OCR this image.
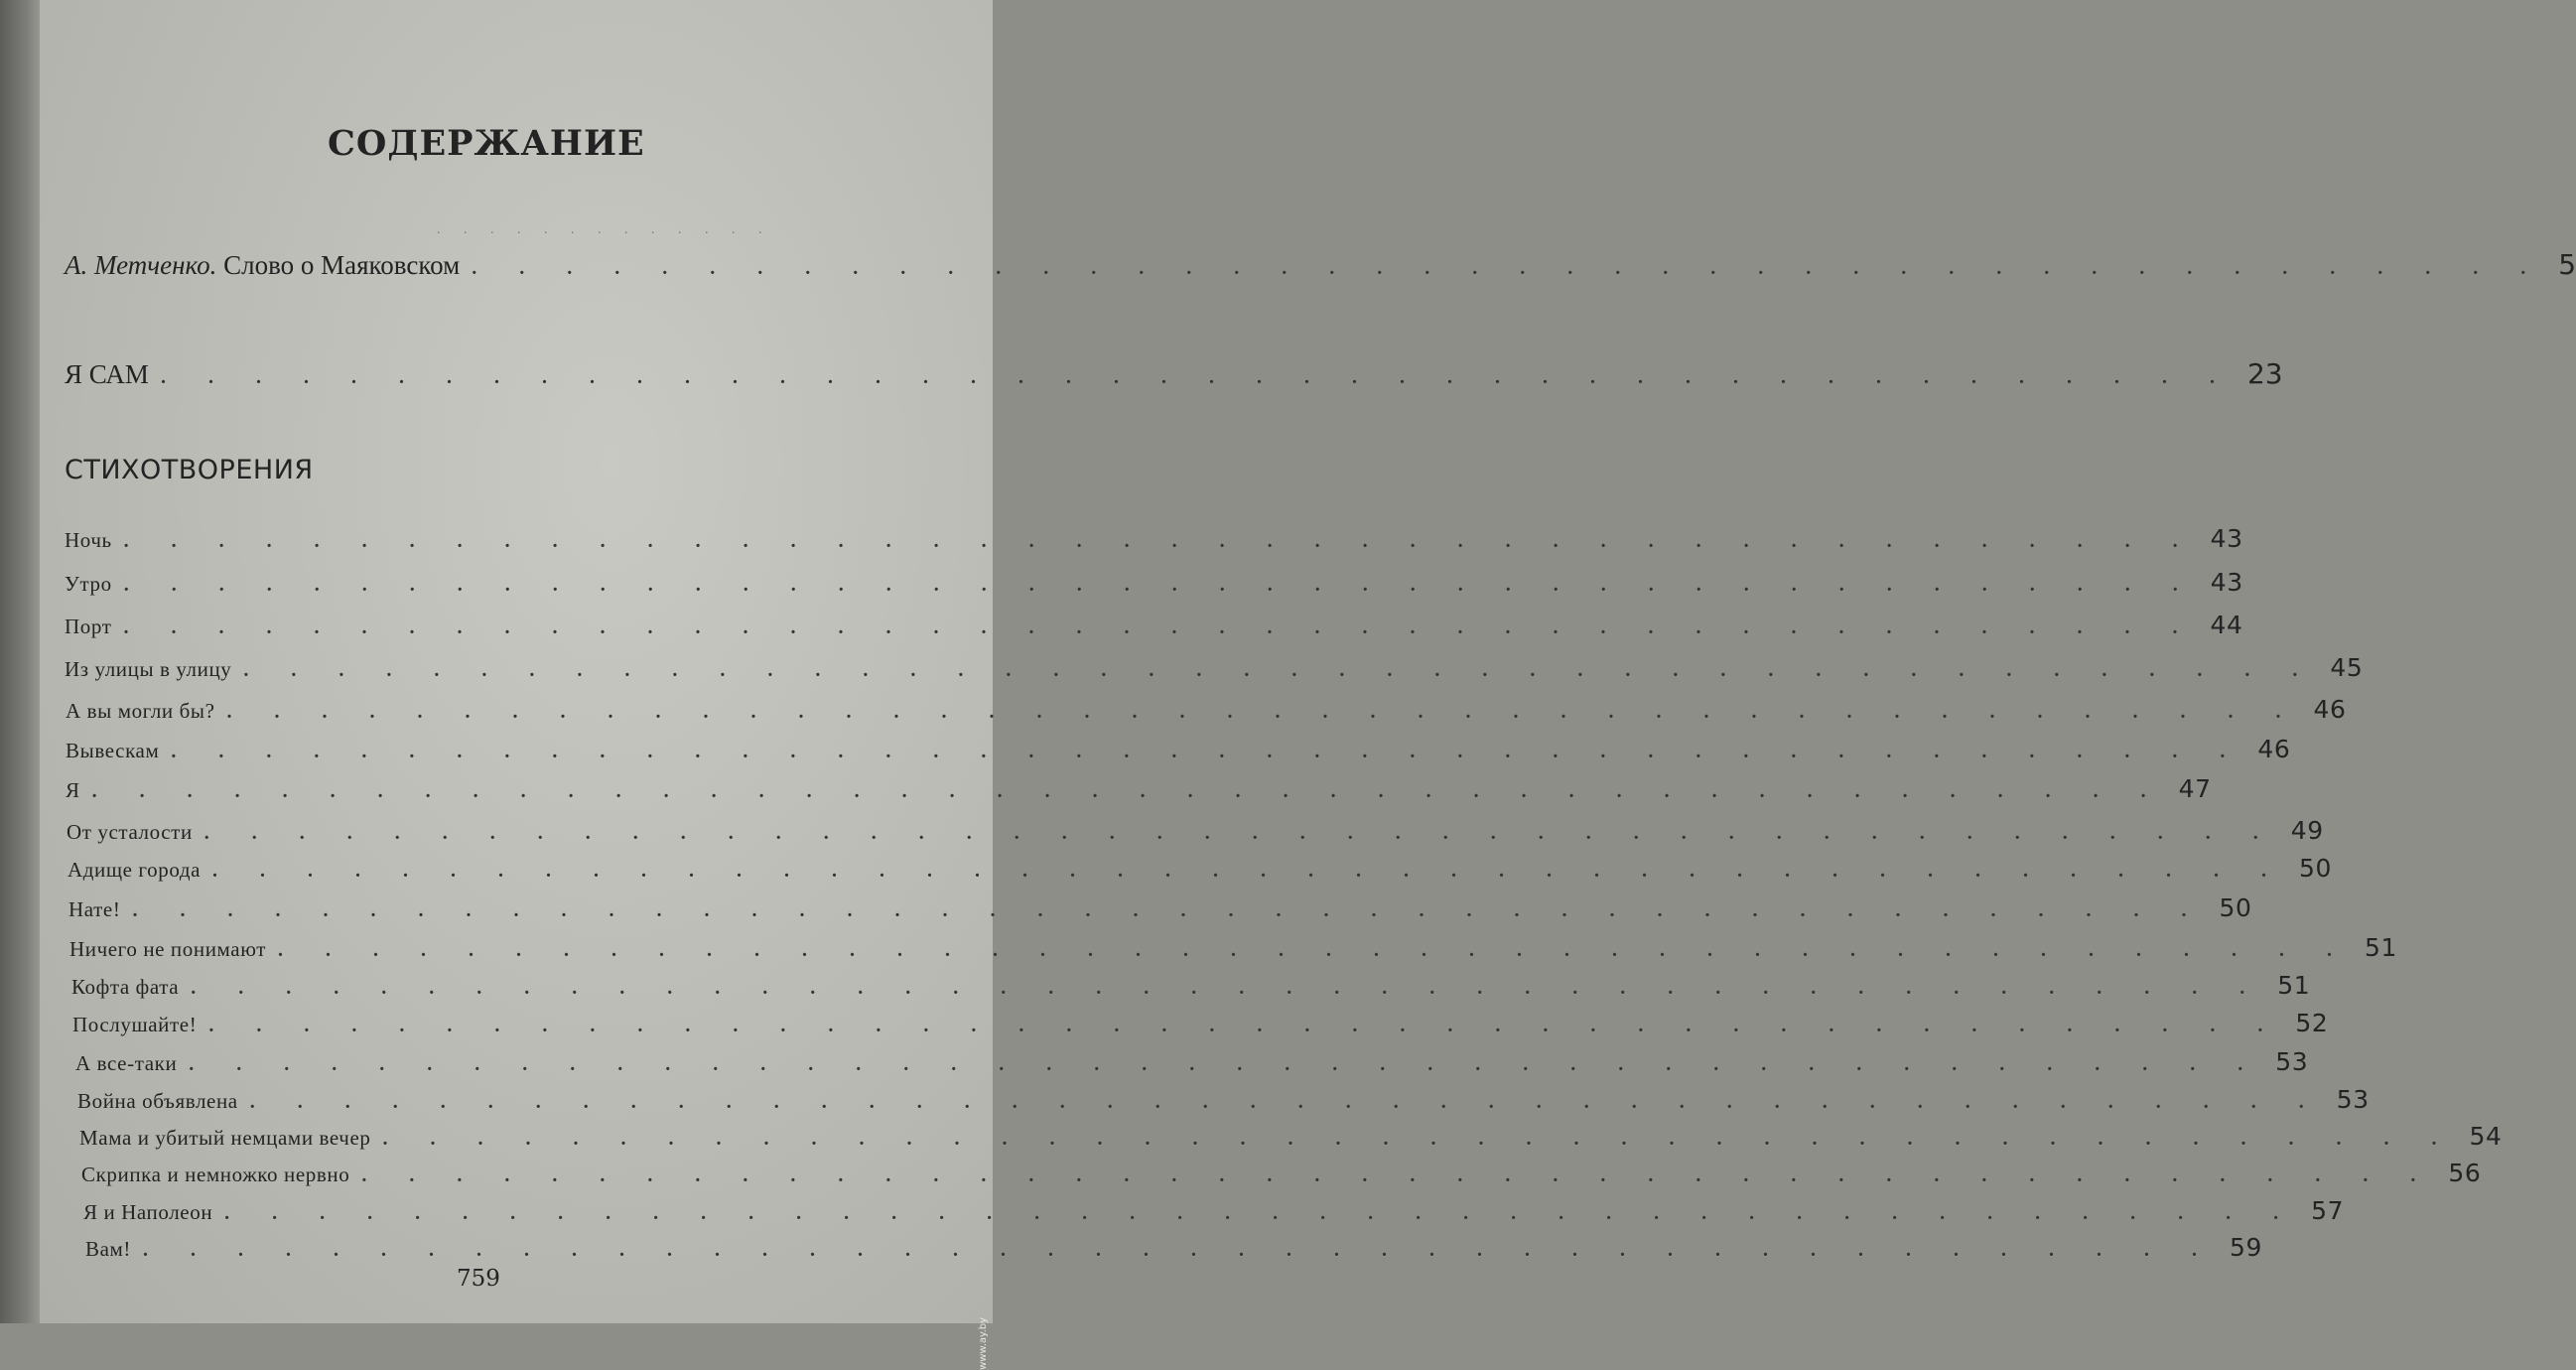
СОДЕРЖАНИЕ
. . . . . . . . . . . . .
А. Метченко. Слово о Маяковском . . .	5
Я САМ . . .	23
СТИХОТВОРЕНИЯ
Ночь . . .	43
Утро . . .	43
Порт . . .	44
Из улицы в улицу . . .	45
А вы могли бы? . . .	46
Вывескам . . .	46
Я . . .	47
От усталости . . .	49
Адище города . . .	50
Нате! . . .	50
Ничего не понимают . . .	51
Кофта фата . . .	51
Послушайте! . . .	52
А все-таки . . .	53
Война объявлена . . .	53
Мама и убитый немцами вечер . . .	54
Скрипка и немножко нервно . . .	56
Я и Наполеон . . .	57
Вам! . . .	59
759
www.ay.by
